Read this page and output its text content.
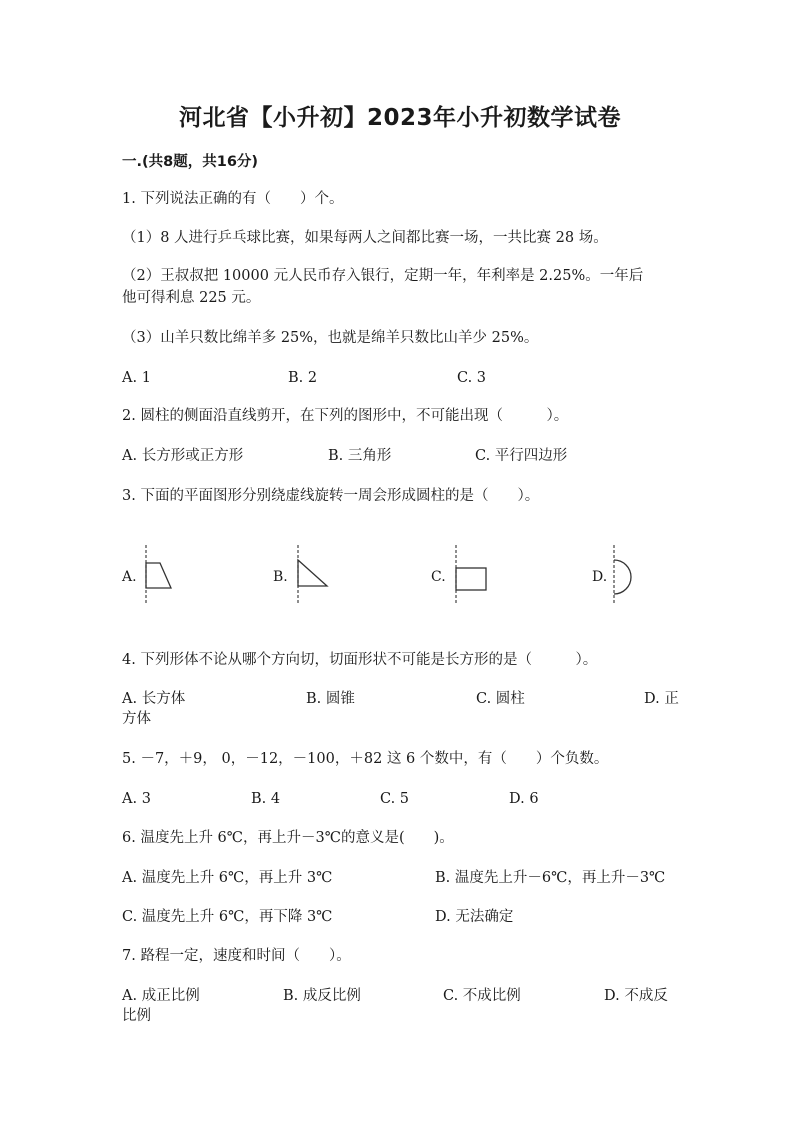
河北省【小升初】2023年小升初数学试卷
一.(共8题，共16分)
1. 下列说法正确的有（　　）个。
（1）8 人进行乒乓球比赛，如果每两人之间都比赛一场，一共比赛 28 场。
（2）王叔叔把 10000 元人民币存入银行，定期一年，年利率是 2.25%。一年后
他可得利息 225 元。
（3）山羊只数比绵羊多 25%，也就是绵羊只数比山羊少 25%。
A. 1	B. 2	C. 3
2. 圆柱的侧面沿直线剪开，在下列的图形中，不可能出现（　　　）。
A. 长方形或正方形	B. 三角形	C. 平行四边形
3. 下面的平面图形分别绕虚线旋转一周会形成圆柱的是（　　）。
A.	B.	C.	D.
4. 下列形体不论从哪个方向切，切面形状不可能是长方形的是（　　　）。
A. 长方体	B. 圆锥	C. 圆柱	D. 正
方体
5. －7，＋9， 0，－12，－100，＋82 这 6 个数中，有（　　）个负数。
A. 3	B. 4	C. 5	D. 6
6. 温度先上升 6℃，再上升－3℃的意义是(　　)。
A. 温度先上升 6℃，再上升 3℃	B. 温度先上升－6℃，再上升－3℃
C. 温度先上升 6℃，再下降 3℃	D. 无法确定
7. 路程一定，速度和时间（　　）。
A. 成正比例	B. 成反比例	C. 不成比例	D. 不成反
比例
